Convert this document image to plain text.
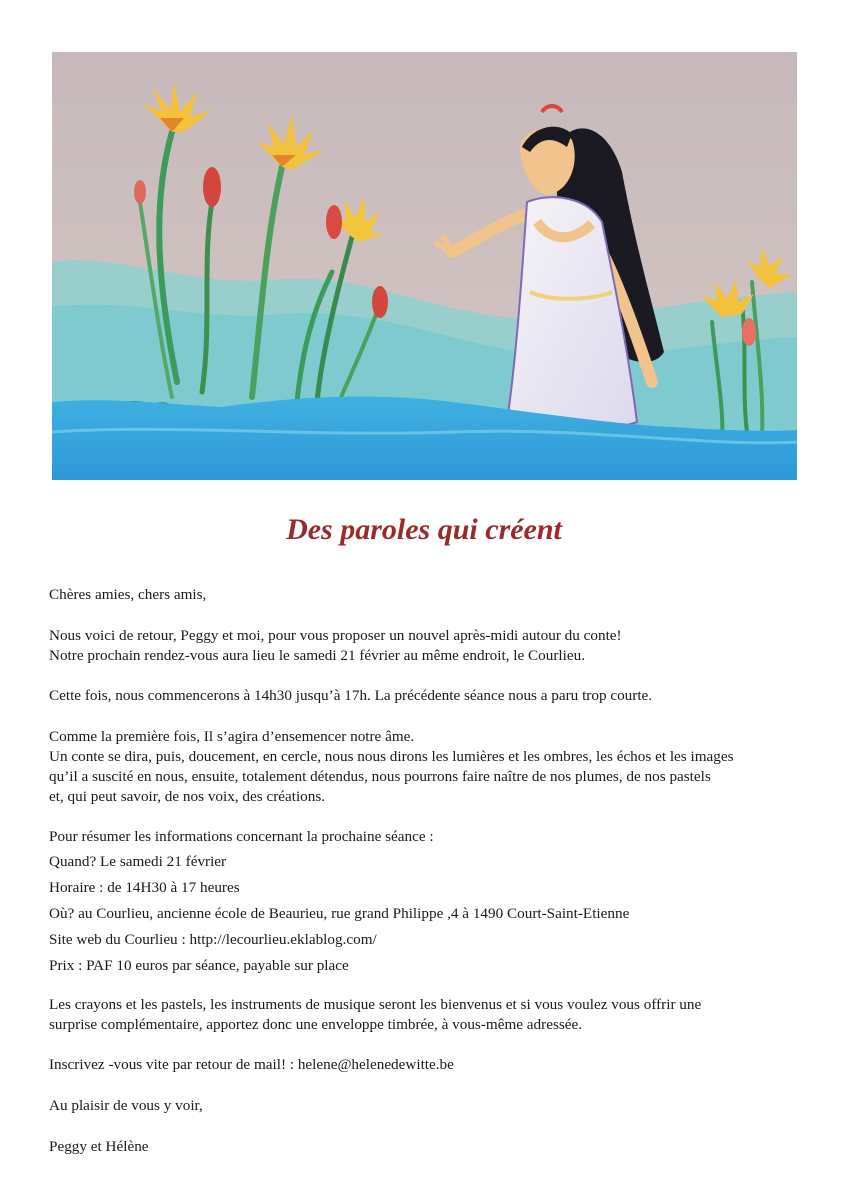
Des paroles qui créent

Chères amies, chers amis,

Nous voici de retour, Peggy et moi, pour vous proposer un nouvel après-midi autour du conte!

Notre prochain rendez-vous aura lieu le samedi 21 février au même endroit, le Courlieu.

Cette fois, nous commencerons à 14h30 jusqu’à 17h. La précédente séance nous a paru trop courte.

Comme la première fois, Il s’agira d’ensemencer notre âme.

Un conte se dira, puis, doucement, en cercle, nous nous dirons les lumières et les ombres, les échos et les images

qu’il a suscité en nous, ensuite, totalement détendus, nous pourrons faire naître de nos plumes, de nos pastels

et, qui peut savoir, de nos voix, des créations.

Pour résumer les informations concernant la prochaine séance :

Quand? Le samedi 21 février

Horaire : de 14H30 à 17 heures

Où? au Courlieu, ancienne école de Beaurieu, rue grand Philippe ,4 à 1490 Court-Saint-Etienne

Site web du Courlieu : http://lecourlieu.eklablog.com/

Prix : PAF 10 euros par séance, payable sur place

Les crayons et les pastels, les instruments de musique seront les bienvenus et si vous voulez vous offrir une

surprise complémentaire, apportez donc une enveloppe timbrée, à vous-même adressée.

Inscrivez -vous vite par retour de mail! : helene@helenedewitte.be

Au plaisir de vous y voir,

Peggy et Hélène
